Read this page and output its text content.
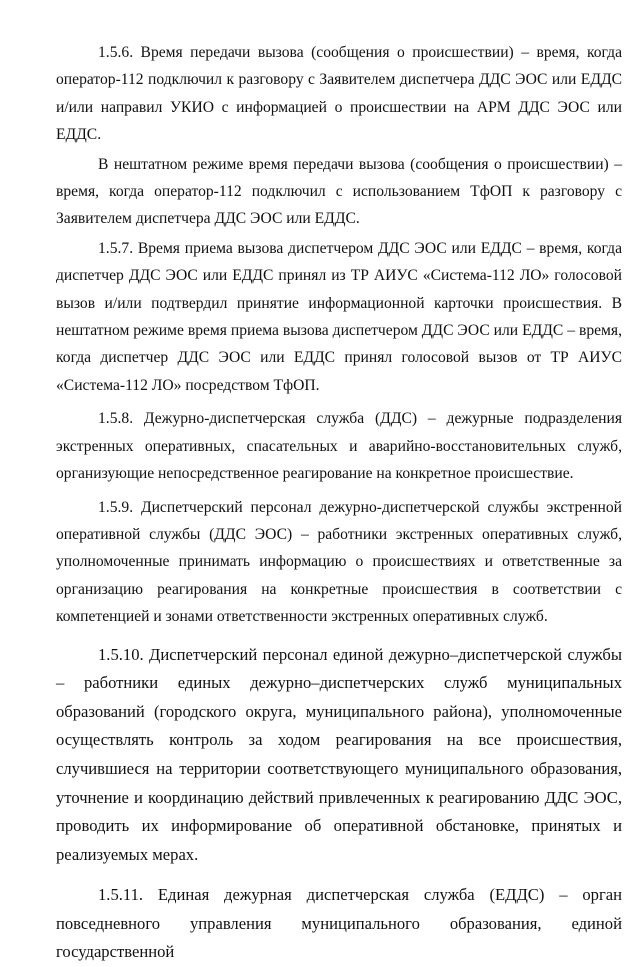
1.5.6. Время передачи вызова (сообщения о происшествии) – время, когда оператор-112 подключил к разговору с Заявителем диспетчера ДДС ЭОС или ЕДДС и/или направил УКИО с информацией о происшествии на АРМ ДДС ЭОС или ЕДДС.

В нештатном режиме время передачи вызова (сообщения о происшествии) – время, когда оператор-112 подключил с использованием ТфОП к разговору с Заявителем диспетчера ДДС ЭОС или ЕДДС.

1.5.7. Время приема вызова диспетчером ДДС ЭОС или ЕДДС – время, когда диспетчер ДДС ЭОС или ЕДДС принял из ТР АИУС «Система-112 ЛО» голосовой вызов и/или подтвердил принятие информационной карточки происшествия. В нештатном режиме время приема вызова диспетчером ДДС ЭОС или ЕДДС – время, когда диспетчер ДДС ЭОС или ЕДДС принял голосовой вызов от ТР АИУС «Система-112 ЛО» посредством ТфОП.

1.5.8. Дежурно-диспетчерская служба (ДДС) – дежурные подразделения экстренных оперативных, спасательных и аварийно-восстановительных служб, организующие непосредственное реагирование на конкретное происшествие.

1.5.9. Диспетчерский персонал дежурно-диспетчерской службы экстренной оперативной службы (ДДС ЭОС) – работники экстренных оперативных служб, уполномоченные принимать информацию о происшествиях и ответственные за организацию реагирования на конкретные происшествия в соответствии с компетенцией и зонами ответственности экстренных оперативных служб.

1.5.10. Диспетчерский персонал единой дежурно–диспетчерской службы – работники единых дежурно–диспетчерских служб муниципальных образований (городского округа, муниципального района), уполномоченные осуществлять контроль за ходом реагирования на все происшествия, случившиеся на территории соответствующего муниципального образования, уточнение и координацию действий привлеченных к реагированию ДДС ЭОС, проводить их информирование об оперативной обстановке, принятых и реализуемых мерах.

1.5.11. Единая дежурная диспетчерская служба (ЕДДС) – орган повседневного управления муниципального образования, единой государственной
